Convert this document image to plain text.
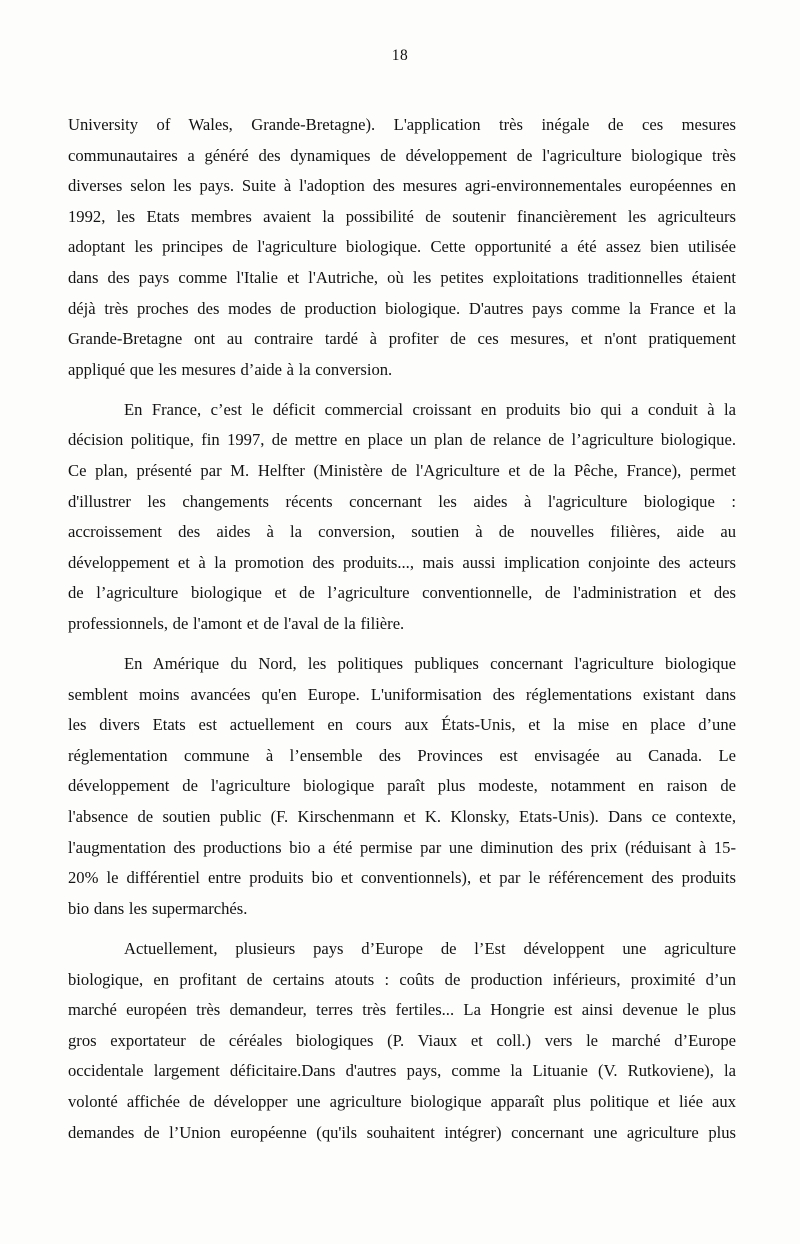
18
University of Wales, Grande-Bretagne). L'application très inégale de ces mesures
communautaires a généré des dynamiques de développement de l'agriculture biologique très
diverses selon les pays. Suite à l'adoption des mesures agri-environnementales européennes en
1992, les Etats membres avaient la possibilité de soutenir financièrement les agriculteurs
adoptant les principes de l'agriculture biologique. Cette opportunité a été assez bien utilisée
dans des pays comme l'Italie et l'Autriche, où les petites exploitations traditionnelles étaient
déjà très proches des modes de production biologique. D'autres pays comme la France et la
Grande-Bretagne ont au contraire tardé à profiter de ces mesures, et n'ont pratiquement
appliqué que les mesures d’aide à la conversion.
En France, c’est le déficit commercial croissant en produits bio qui a conduit à la
décision politique, fin 1997, de mettre en place un plan de relance de l’agriculture biologique.
Ce plan, présenté par M. Helfter (Ministère de l'Agriculture et de la Pêche, France), permet
d'illustrer les changements récents concernant les aides à l'agriculture biologique :
accroissement des aides à la conversion, soutien à de nouvelles filières, aide au
développement et à la promotion des produits..., mais aussi implication conjointe des acteurs
de l’agriculture biologique et de l’agriculture conventionnelle, de l'administration et des
professionnels, de l'amont et de l'aval de la filière.
En Amérique du Nord, les politiques publiques concernant l'agriculture biologique
semblent moins avancées qu'en Europe. L'uniformisation des réglementations existant dans
les divers Etats est actuellement en cours aux États-Unis, et la mise en place d’une
réglementation commune à l’ensemble des Provinces est envisagée au Canada. Le
développement de l'agriculture biologique paraît plus modeste, notamment en raison de
l'absence de soutien public (F. Kirschenmann et K. Klonsky, Etats-Unis). Dans ce contexte,
l'augmentation des productions bio a été permise par une diminution des prix (réduisant à 15-
20% le différentiel entre produits bio et conventionnels), et par le référencement des produits
bio dans les supermarchés.
Actuellement, plusieurs pays d’Europe de l’Est développent une agriculture
biologique, en profitant de certains atouts : coûts de production inférieurs, proximité d’un
marché européen très demandeur, terres très fertiles... La Hongrie est ainsi devenue le plus
gros exportateur de céréales biologiques (P. Viaux et coll.) vers le marché d’Europe
occidentale largement déficitaire.Dans d'autres pays, comme la Lituanie (V. Rutkoviene), la
volonté affichée de développer une agriculture biologique apparaît plus politique et liée aux
demandes de l’Union européenne (qu'ils souhaitent intégrer) concernant une agriculture plus
